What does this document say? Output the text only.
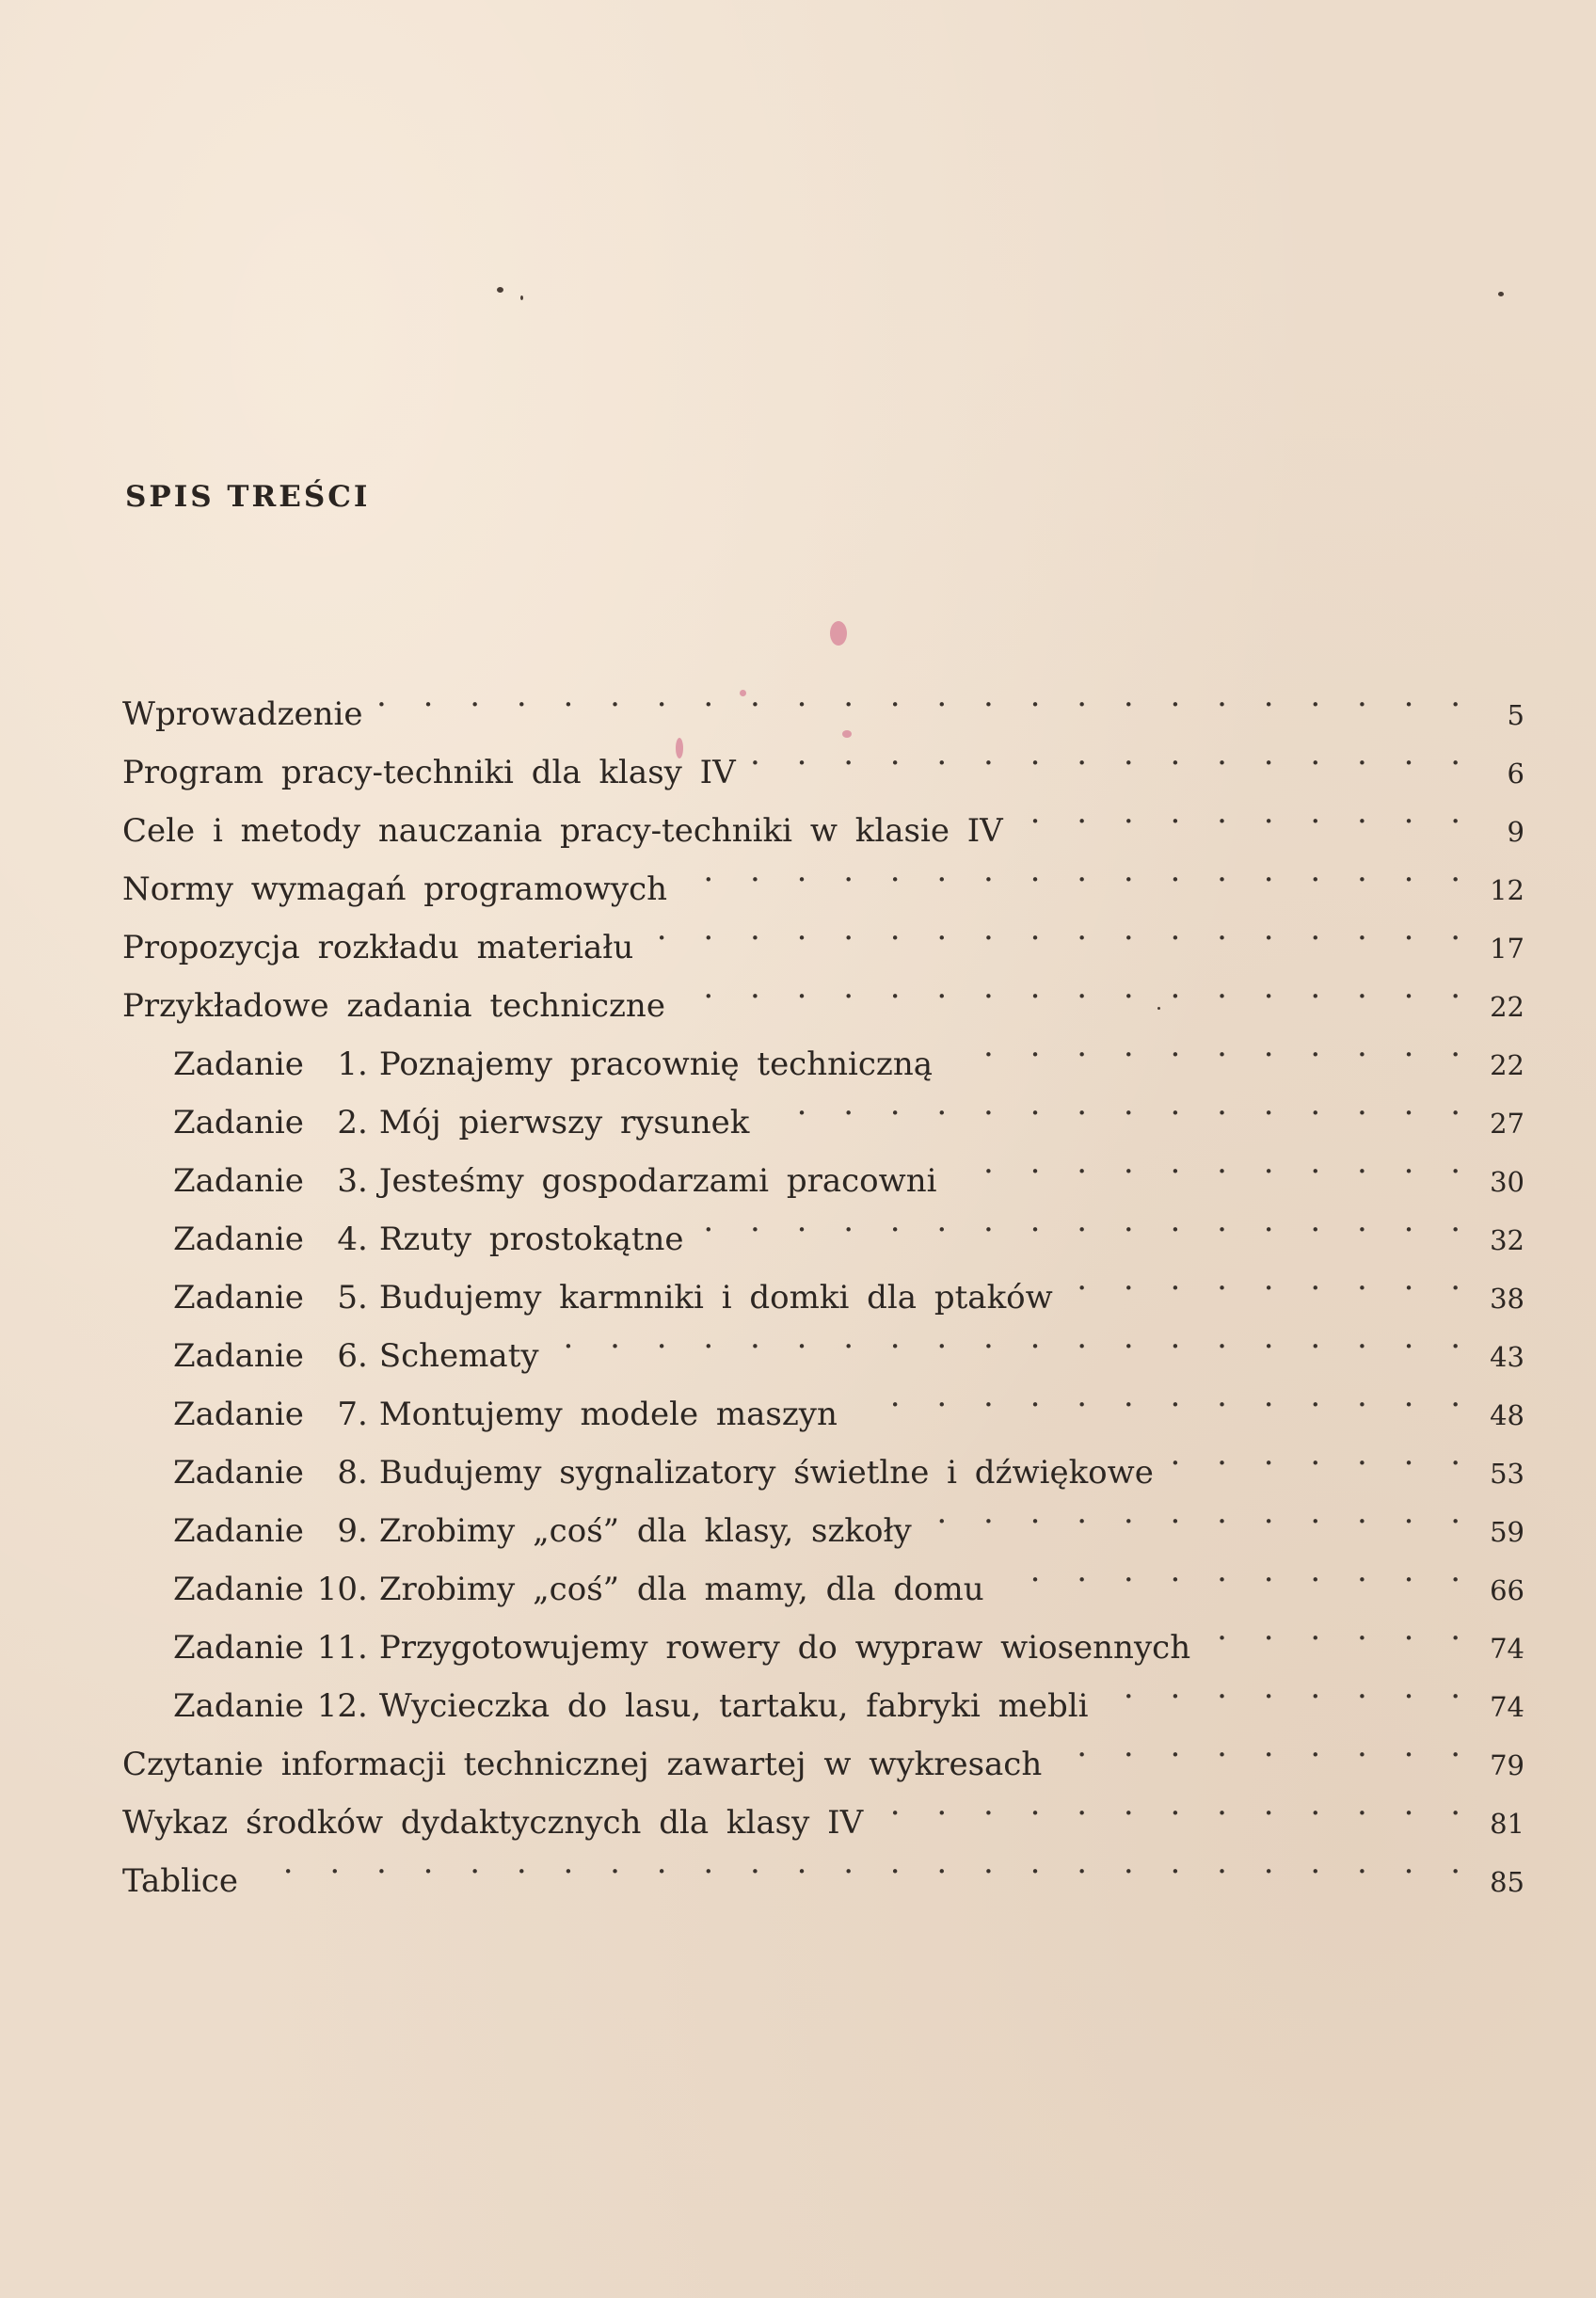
SPIS TREŚCI
Wprowadzenie . . .	5
Program pracy-techniki dla klasy IV . . .	6
Cele i metody nauczania pracy-techniki w klasie IV . . .	9
Normy wymagań programowych . . .	12
Propozycja rozkładu materiału . . .	17
Przykładowe zadania techniczne . . .	22
Zadanie 1. Poznajemy pracownię techniczną . . .	22
Zadanie 2. Mój pierwszy rysunek . . .	27
Zadanie 3. Jesteśmy gospodarzami pracowni . . .	30
Zadanie 4. Rzuty prostokątne . . .	32
Zadanie 5. Budujemy karmniki i domki dla ptaków . . .	38
Zadanie 6. Schematy . . .	43
Zadanie 7. Montujemy modele maszyn . . .	48
Zadanie 8. Budujemy sygnalizatory świetlne i dźwiękowe . . .	53
Zadanie 9. Zrobimy „coś” dla klasy, szkoły . . .	59
Zadanie 10. Zrobimy „coś” dla mamy, dla domu . . .	66
Zadanie 11. Przygotowujemy rowery do wypraw wiosennych . . .	74
Zadanie 12. Wycieczka do lasu, tartaku, fabryki mebli . . .	74
Czytanie informacji technicznej zawartej w wykresach . . .	79
Wykaz środków dydaktycznych dla klasy IV . . .	81
Tablice . . .	85
